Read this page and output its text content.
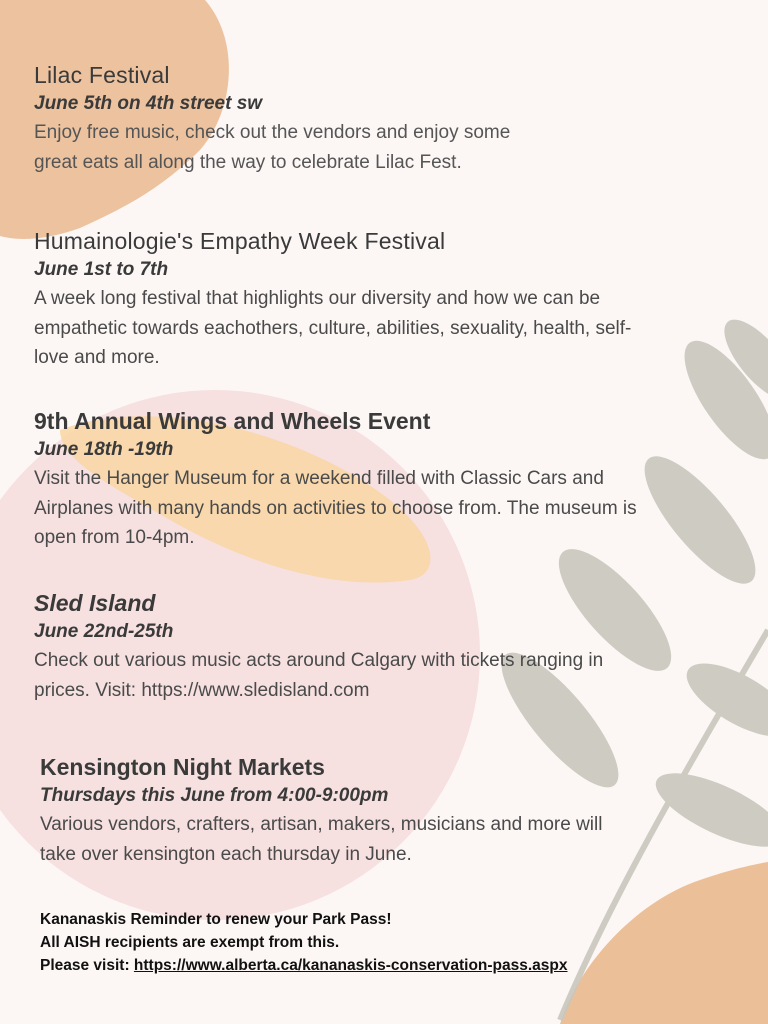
Lilac Festival
June 5th on 4th street sw
Enjoy free music, check out the vendors and enjoy some
great eats all along the way to celebrate Lilac Fest.
Humainologie's Empathy Week Festival
June 1st to 7th
A week long festival that highlights our diversity and how we can be
empathetic towards eachothers, culture, abilities, sexuality, health, self-
love and more.
9th Annual Wings and Wheels Event
June 18th -19th
Visit the Hanger Museum for a weekend filled with Classic Cars and
Airplanes with many hands on activities to choose from. The museum is
open from 10-4pm.
Sled Island
June 22nd-25th
Check out various music acts around Calgary with tickets ranging in
prices. Visit: https://www.sledisland.com
Kensington Night Markets
Thursdays this June from 4:00-9:00pm
Various vendors, crafters, artisan, makers, musicians and more will
take over kensington each thursday in June.
Kananaskis Reminder to renew your Park Pass!
All AISH recipients are exempt from this.
Please visit: https://www.alberta.ca/kananaskis-conservation-pass.aspx
